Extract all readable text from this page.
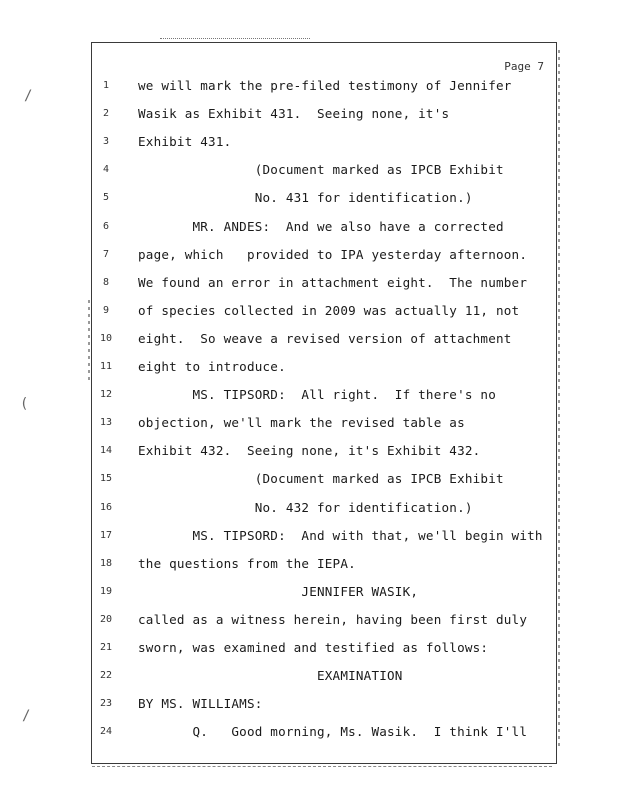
Page 7
1	we will mark the pre-filed testimony of Jennifer
2	Wasik as Exhibit 431.  Seeing none, it's
3	Exhibit 431.
4	(Document marked as IPCB Exhibit
5	No. 431 for identification.)
6	MR. ANDES:  And we also have a corrected
7	page, which   provided to IPA yesterday afternoon.
8	We found an error in attachment eight.  The number
9	of species collected in 2009 was actually 11, not
10	eight.  So weave a revised version of attachment
11	eight to introduce.
12	MS. TIPSORD:  All right.  If there's no
13	objection, we'll mark the revised table as
14	Exhibit 432.  Seeing none, it's Exhibit 432.
15	(Document marked as IPCB Exhibit
16	No. 432 for identification.)
17	MS. TIPSORD:  And with that, we'll begin with
18	the questions from the IEPA.
19	JENNIFER WASIK,
20	called as a witness herein, having been first duly
21	sworn, was examined and testified as follows:
22	EXAMINATION
23	BY MS. WILLIAMS:
24	Q.   Good morning, Ms. Wasik.  I think I'll
/
(
/
